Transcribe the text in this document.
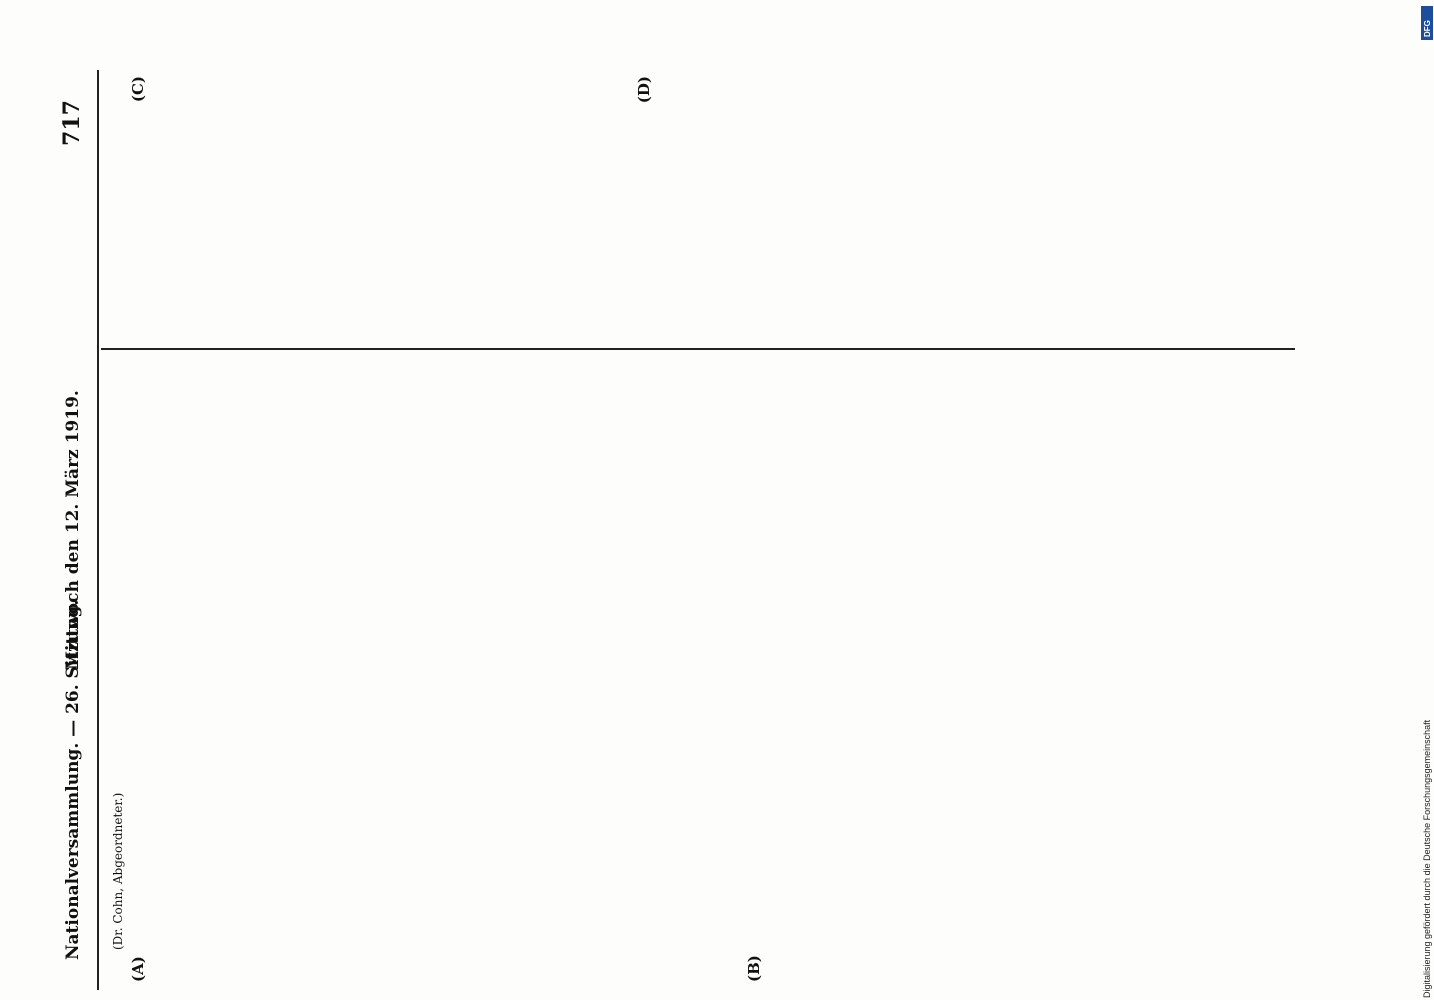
Nationalversammlung. — 26. Sitzung.
Mittwoch den 12. März 1919.
717
(Dr. Cohn, Abgeordneter.)
(A)	(B)
(C)	(D)
DFG
Digitalisierung gefördert durch die Deutsche Forschungsgemeinschaft
